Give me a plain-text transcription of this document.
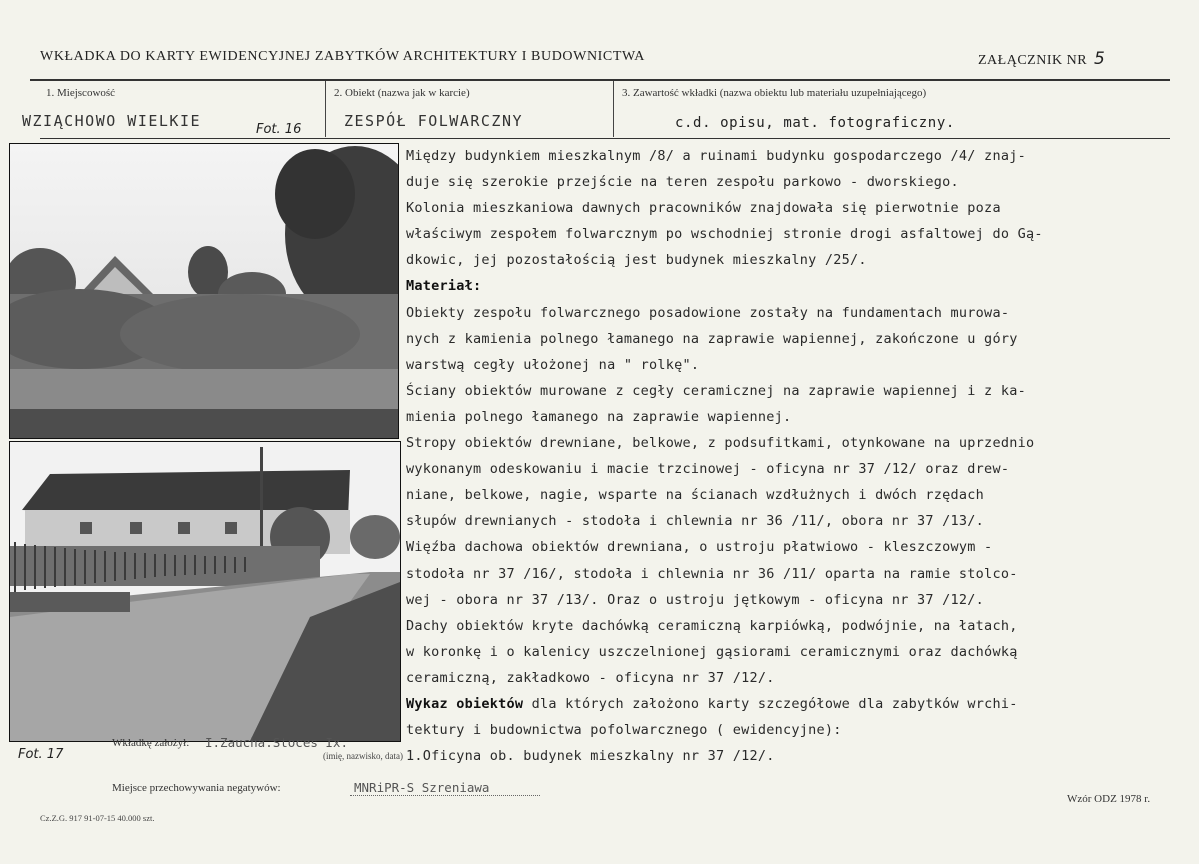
WKŁADKA DO KARTY EWIDENCYJNEJ ZABYTKÓW ARCHITEKTURY I BUDOWNICTWA	ZAŁĄCZNIK NR 5
1. Miejscowość
WZIĄCHOWO WIELKIE	Fot. 16
2. Obiekt (nazwa jak w karcie)
ZESPÓŁ FOLWARCZNY
3. Zawartość wkładki (nazwa obiektu lub materiału uzupełniającego)
c.d. opisu, mat. fotograficzny.
Fot. 17
Między budynkiem mieszkalnym /8/ a ruinami budynku gospodarczego /4/ znaj-
duje się szerokie przejście na teren zespołu parkowo - dworskiego.
Kolonia mieszkaniowa dawnych pracowników znajdowała się pierwotnie poza
właściwym zespołem folwarcznym po wschodniej stronie drogi asfaltowej do Gą-
dkowic, jej pozostałością jest budynek mieszkalny /25/.
Materiał:
Obiekty zespołu folwarcznego posadowione zostały na fundamentach murowa-
nych z kamienia polnego łamanego na zaprawie wapiennej, zakończone u góry
warstwą cegły ułożonej na " rolkę".
Ściany obiektów murowane z cegły ceramicznej na zaprawie wapiennej i z ka-
mienia polnego łamanego na zaprawie wapiennej.
Stropy obiektów drewniane, belkowe, z podsufitkami, otynkowane na uprzednio
wykonanym odeskowaniu i macie trzcinowej - oficyna nr 37 /12/ oraz drew-
niane, belkowe, nagie, wsparte na ścianach wzdłużnych i dwóch rzędach
słupów drewnianych - stodoła i chlewnia nr 36 /11/, obora nr 37 /13/.
Więźba dachowa obiektów drewniana, o ustroju płatwiowo - kleszczowym -
stodoła nr 37 /16/, stodoła i chlewnia nr 36 /11/ oparta na ramie stolco-
wej - obora nr 37 /13/. Oraz o ustroju jętkowym - oficyna nr 37 /12/.
Dachy obiektów kryte dachówką ceramiczną karpiówką, podwójnie, na łatach,
w koronkę i o kalenicy uszczelnionej gąsiorami ceramicznymi oraz dachówką
ceramiczną, zakładkowo - oficyna nr 37 /12/.
Wykaz obiektów dla których założono karty szczegółowe dla zabytków wrchi-
tektury i budownictwa pofolwarcznego ( ewidencyjne):
1.Oficyna ob. budynek mieszkalny nr 37 /12/.
Wkładkę założył: I.Zaucha.Stoces Ix.
(imię, nazwisko, data)
Miejsce przechowywania negatywów:	MNRiPR-S Szreniawa
Cz.Z.G. 917 91-07-15 40.000 szt.
Wzór ODZ 1978 r.
